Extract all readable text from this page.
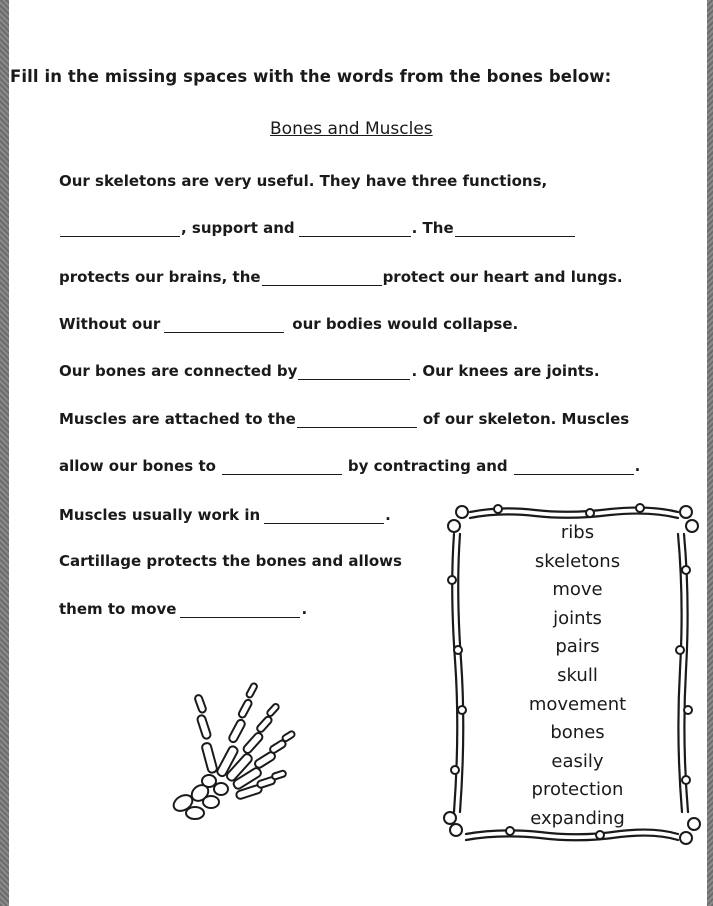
Fill in the missing spaces with the words from the bones below:
Bones and Muscles
Our skeletons are very useful. They have three functions,
, support and	. The
protects our brains, the	protect our heart and lungs.
Without our	our bodies would collapse.
Our bones are connected by	. Our knees are joints.
Muscles are attached to the	of our skeleton. Muscles
allow our bones to	by contracting and	.
Muscles usually work in	.
Cartillage protects the bones and allows
them to move	.
ribs
skeletons
move
joints
pairs
skull
movement
bones
easily
protection
expanding
